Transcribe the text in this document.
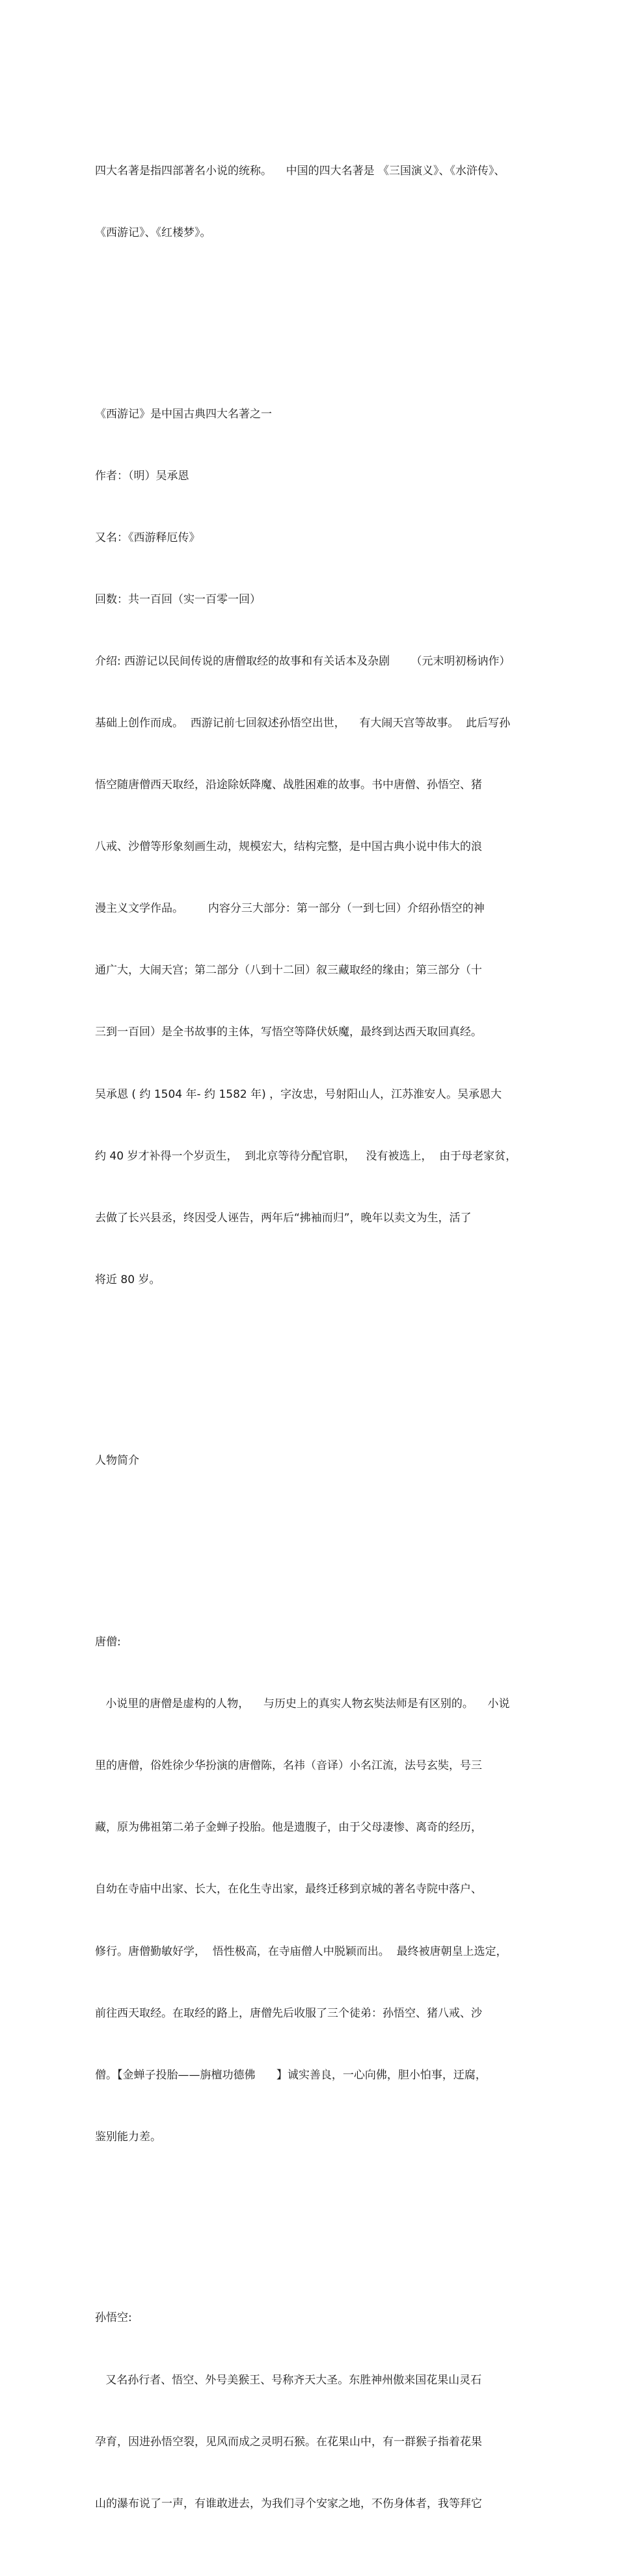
四大名著是指四部著名小说的统称。    中国的四大名著是 《三国演义》、《水浒传》、

《西游记》、《红楼梦》。

《西游记》是中国古典四大名著之一

作者：（明）吴承恩

又名：《西游释厄传》

回数：共一百回（实一百零一回）

介绍: 西游记以民间传说的唐僧取经的故事和有关话本及杂剧      （元末明初杨讷作）

基础上创作而成。  西游记前七回叙述孙悟空出世，    有大闹天宫等故事。  此后写孙

悟空随唐僧西天取经，沿途除妖降魔、战胜困难的故事。书中唐僧、孙悟空、猪

八戒、沙僧等形象刻画生动，规模宏大，结构完整，是中国古典小说中伟大的浪

漫主义文学作品。       内容分三大部分：第一部分（一到七回）介绍孙悟空的神

通广大，大闹天宫；第二部分（八到十二回）叙三藏取经的缘由；第三部分（十

三到一百回）是全书故事的主体，写悟空等降伏妖魔，最终到达西天取回真经。

吴承恩 ( 约 1504 年- 约 1582 年) ，字汝忠，号射阳山人，江苏淮安人。吴承恩大

约 40 岁才补得一个岁贡生，  到北京等待分配官职，   没有被选上，  由于母老家贫，

去做了长兴县丞，终因受人诬告，两年后“拂袖而归”，晚年以卖文为生，活了

将近 80 岁。

人物简介

唐僧:

小说里的唐僧是虚构的人物，    与历史上的真实人物玄奘法师是有区别的。    小说

里的唐僧，俗姓徐少华扮演的唐僧陈，名祎（音译）小名江流，法号玄奘，号三

藏，原为佛祖第二弟子金蝉子投胎。他是遗腹子，由于父母凄惨、离奇的经历，

自幼在寺庙中出家、长大，在化生寺出家，最终迁移到京城的著名寺院中落户、

修行。唐僧勤敏好学，  悟性极高，在寺庙僧人中脱颖而出。  最终被唐朝皇上选定，

前往西天取经。在取经的路上，唐僧先后收服了三个徒弟：孙悟空、猪八戒、沙

僧。【金蝉子投胎——旃檀功德佛      】诚实善良，一心向佛，胆小怕事，迂腐，

鉴别能力差。

孙悟空:

又名孙行者、悟空、外号美猴王、号称齐天大圣。东胜神州傲来国花果山灵石

孕育，因进孙悟空裂，见风而成之灵明石猴。在花果山中，有一群猴子指着花果

山的瀑布说了一声，有谁敢进去，为我们寻个安家之地，不伤身体者，我等拜它
